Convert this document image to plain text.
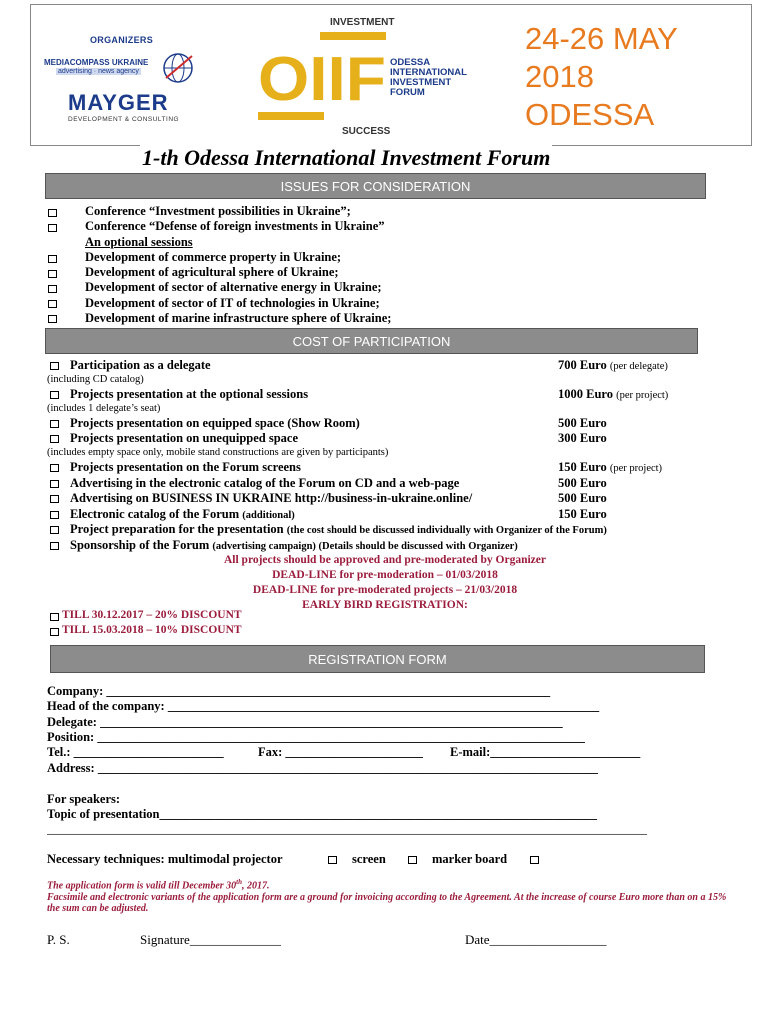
ORGANIZERS
MEDIACOMPASS UKRAINE
advertising · news agency
MAYGER
DEVELOPMENT & CONSULTING
INVESTMENT
OIIF ODESSA
INTERNATIONAL
INVESTMENT
FORUM
SUCCESS
24-26 MAY
2018
ODESSA
1-th Odessa International Investment Forum
ISSUES FOR CONSIDERATION
Conference “Investment possibilities in Ukraine”;
Conference “Defense of foreign investments in Ukraine”
An optional sessions
Development of commerce property in Ukraine;
Development of agricultural sphere of Ukraine;
Development of sector of alternative energy in Ukraine;
Development of sector of IT of technologies in Ukraine;
Development of marine infrastructure sphere of Ukraine;
COST OF PARTICIPATION
Participation as a delegate	700 Euro (per delegate)
(including CD catalog)
Projects presentation at the optional sessions	1000 Euro (per project)
(includes 1 delegate’s seat)
Projects presentation on equipped space (Show Room)	500 Euro
Projects presentation on unequipped space	300 Euro
(includes empty space only, mobile stand constructions are given by participants)
Projects presentation on the Forum screens	150 Euro (per project)
Advertising in the electronic catalog of the Forum on CD and a web-page	500 Euro
Advertising on BUSINESS IN UKRAINE http://business-in-ukraine.online/	500 Euro
Electronic catalog of the Forum (additional)	150 Euro
Project preparation for the presentation (the cost should be discussed individually with Organizer of the Forum)
Sponsorship of the Forum (advertising campaign) (Details should be discussed with Organizer)
All projects should be approved and pre-moderated by Organizer
DEAD-LINE for pre-moderation – 01/03/2018
DEAD-LINE for pre-moderated projects – 21/03/2018
EARLY BIRD REGISTRATION:
TILL 30.12.2017 – 20% DISCOUNT
TILL 15.03.2018 – 10% DISCOUNT
REGISTRATION FORM
Company: _______________________________________________________________________
Head of the company: _____________________________________________________________________
Delegate: __________________________________________________________________________
Position: ______________________________________________________________________________
Tel.: ________________________	Fax: ______________________ E-mail:________________________
Address: ________________________________________________________________________________
For speakers:
Topic of presentation______________________________________________________________________
________________________________________________________________________________________________
Necessary techniques: multimodal projector	screen	marker board
The application form is valid till December 30th, 2017.
Facsimile and electronic variants of the application form are a ground for invoicing according to the Agreement. At the increase of course Euro more than on a 15% the sum can be adjusted.
P. S.	Signature______________	Date__________________
